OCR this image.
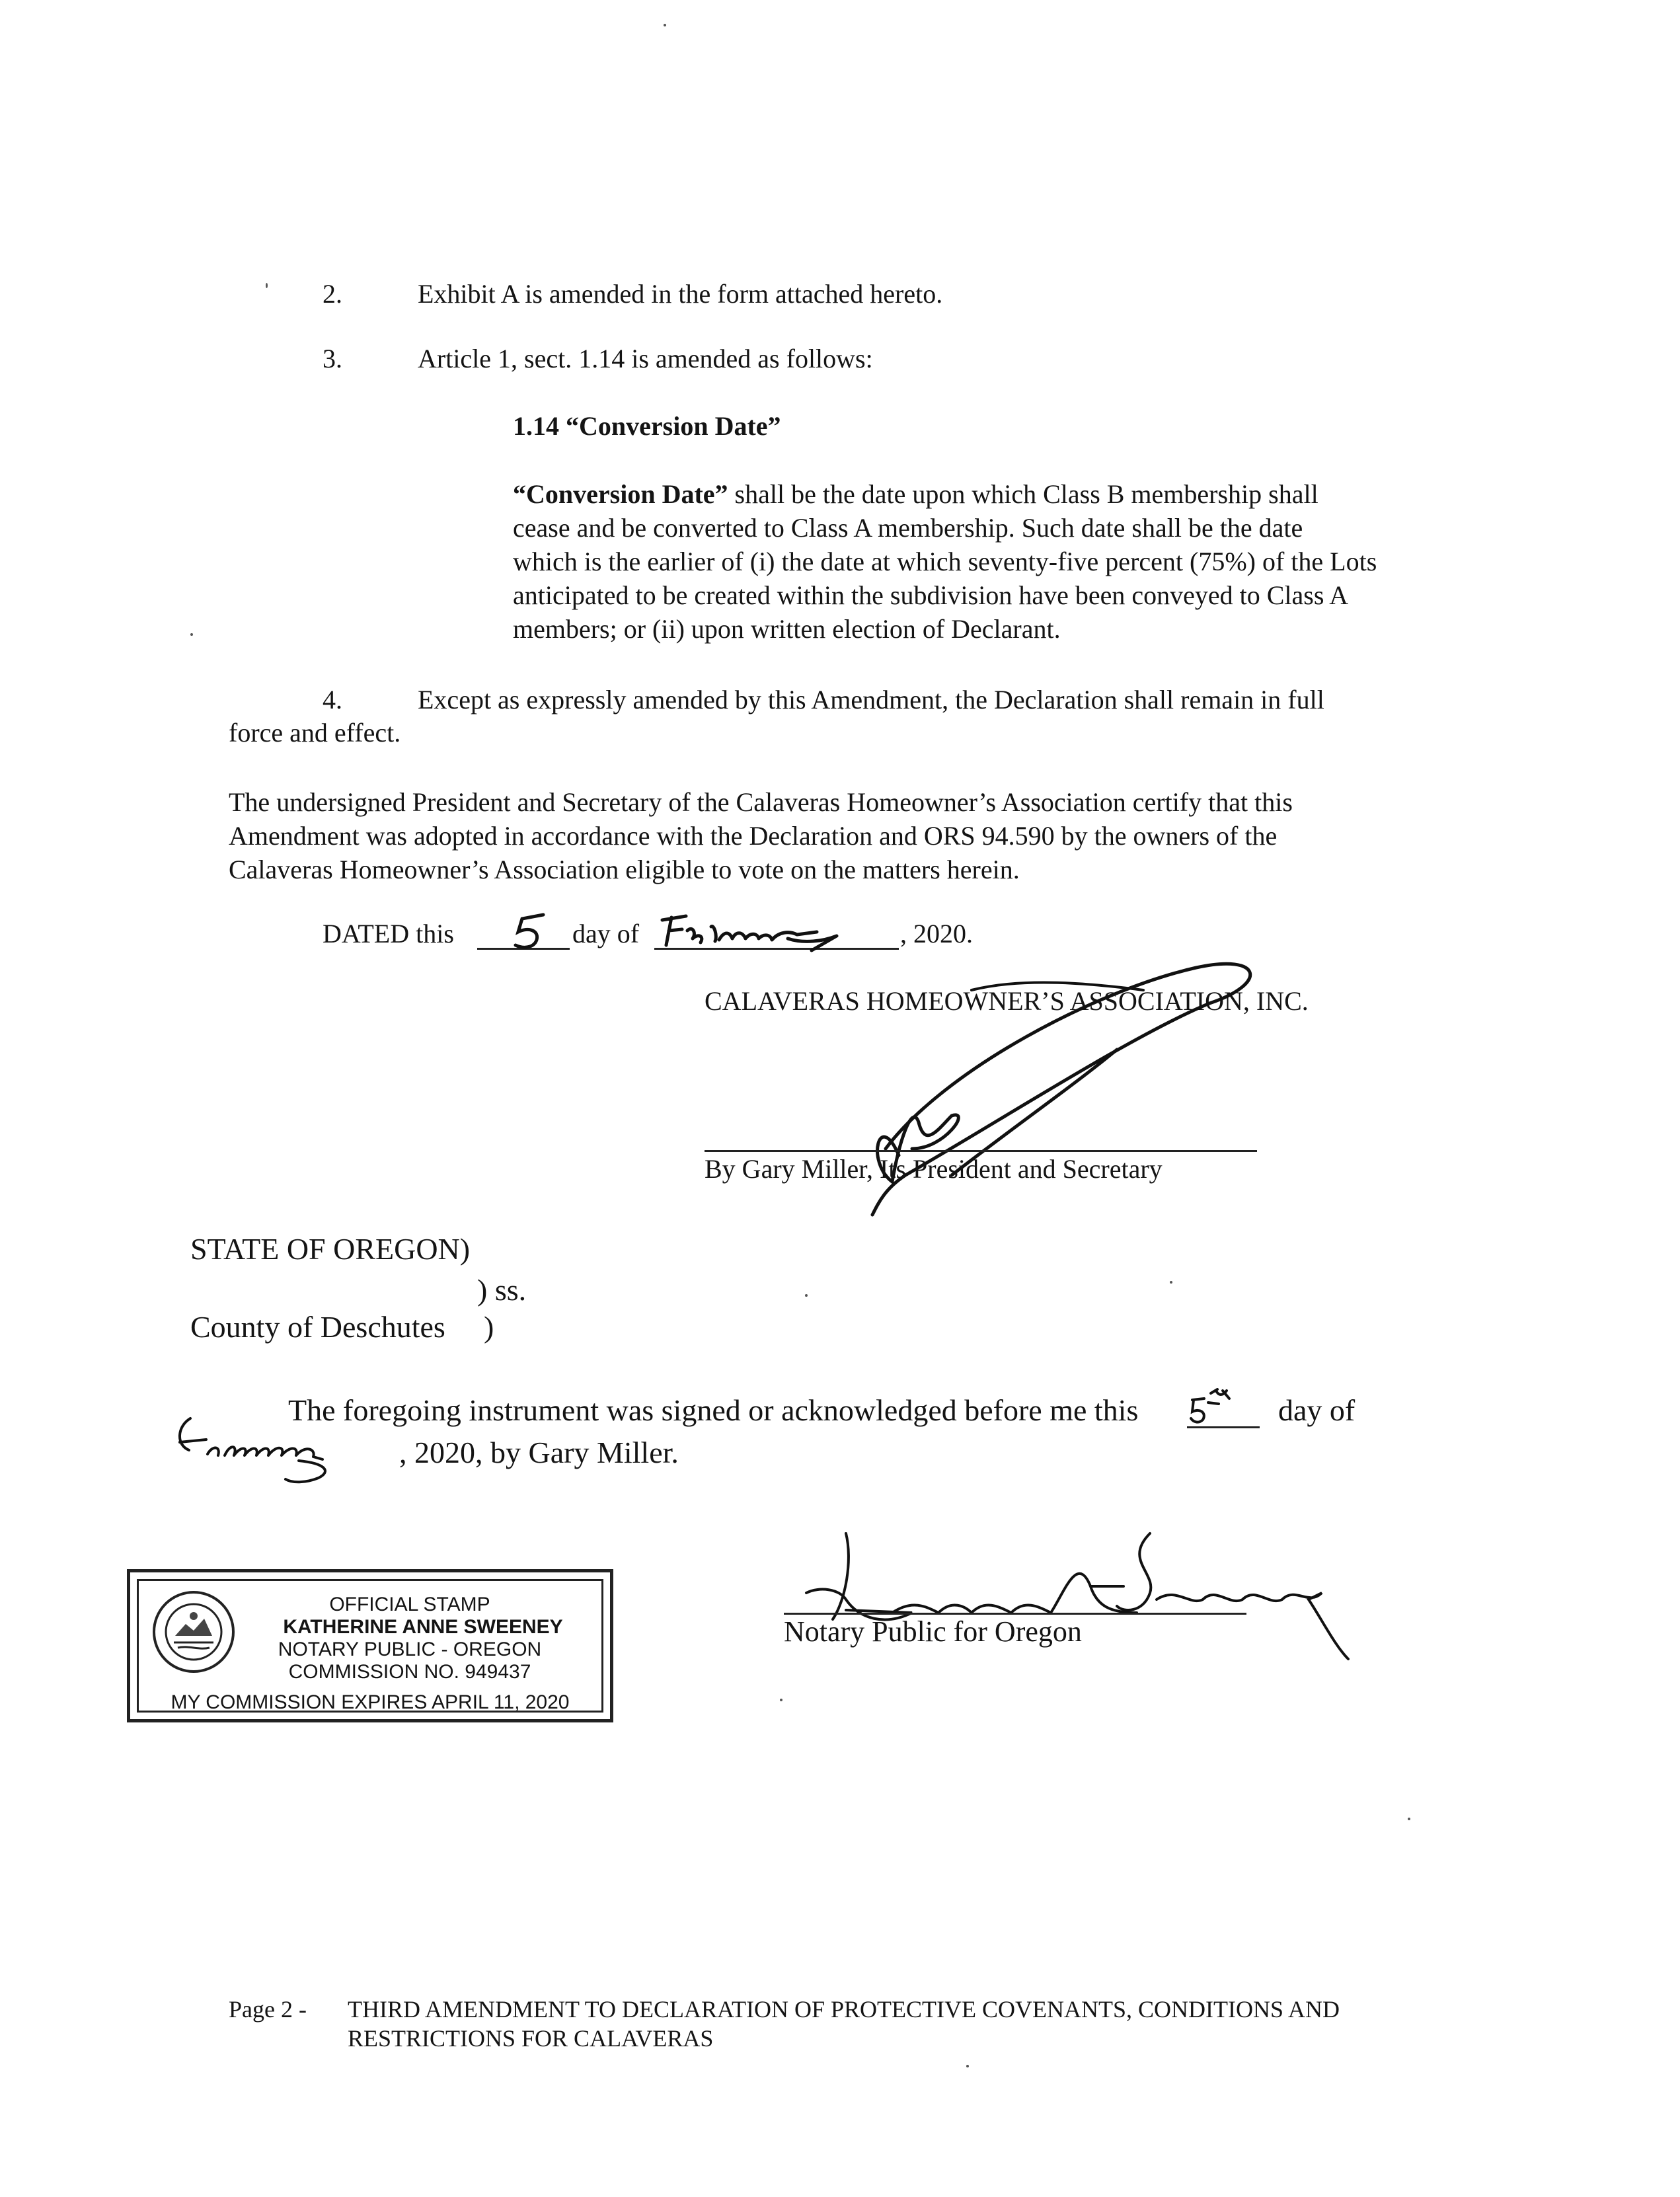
2.	Exhibit A is amended in the form attached hereto.
3.	Article 1, sect. 1.14 is amended as follows:
1.14 “Conversion Date”
“Conversion Date” shall be the date upon which Class B membership shall
cease and be converted to Class A membership. Such date shall be the date
which is the earlier of (i) the date at which seventy-five percent (75%) of the Lots
anticipated to be created within the subdivision have been conveyed to Class A
members; or (ii) upon written election of Declarant.
4.	Except as expressly amended by this Amendment, the Declaration shall remain in full
force and effect.
The undersigned President and Secretary of the Calaveras Homeowner’s Association certify that this
Amendment was adopted in accordance with the Declaration and ORS 94.590 by the owners of the
Calaveras Homeowner’s Association eligible to vote on the matters herein.
DATED this	day of	, 2020.
CALAVERAS HOMEOWNER’S ASSOCIATION, INC.
By Gary Miller, Its President and Secretary
STATE OF OREGON)
) ss.
County of Deschutes )
The foregoing instrument was signed or acknowledged before me this	day of
, 2020, by Gary Miller.
OFFICIAL STAMP
KATHERINE ANNE SWEENEY
NOTARY PUBLIC - OREGON
COMMISSION NO. 949437
MY COMMISSION EXPIRES APRIL 11, 2020
Notary Public for Oregon
Page 2 - THIRD AMENDMENT TO DECLARATION OF PROTECTIVE COVENANTS, CONDITIONS AND
RESTRICTIONS FOR CALAVERAS
